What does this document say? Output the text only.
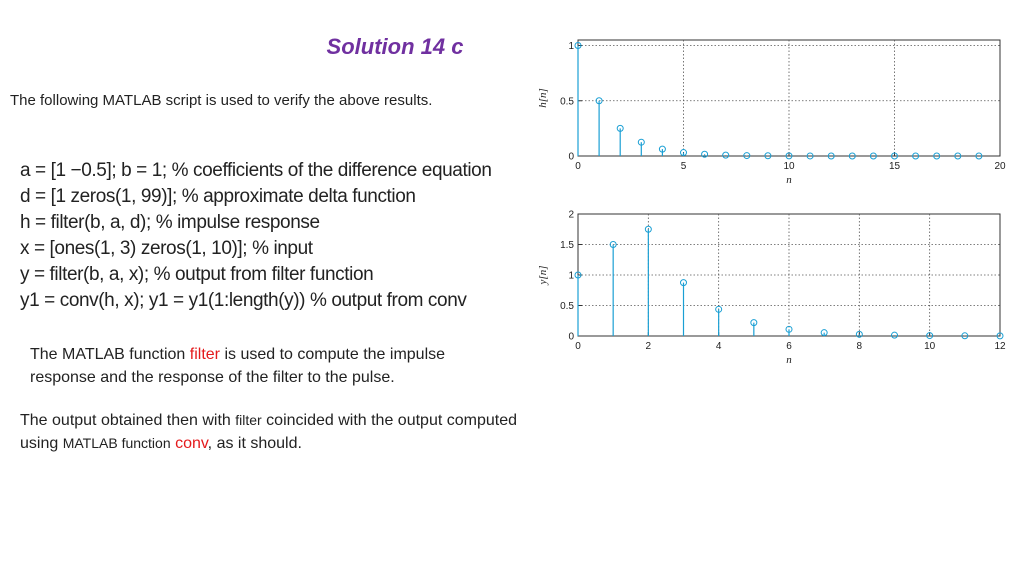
Solution 14 c
The following MATLAB script is used to verify the above results.
a = [1 −0.5]; b = 1; % coefficients of the difference equation
d = [1 zeros(1, 99)]; % approximate delta function
h = filter(b, a, d); % impulse response
x = [ones(1, 3) zeros(1, 10)]; % input
y = filter(b, a, x); % output from filter function
y1 = conv(h, x); y1 = y1(1:length(y)) % output from conv
The MATLAB function filter is used to compute the impulse response and the response of the filter to the pulse.
The output obtained then with filter coincided with the output computed using MATLAB function conv, as it should.
0	5	10	15	20
0
0.5
1
n
h[n]
0	2	4	6	8	10	12
0
0.5
1
1.5
2
n
y[n]
